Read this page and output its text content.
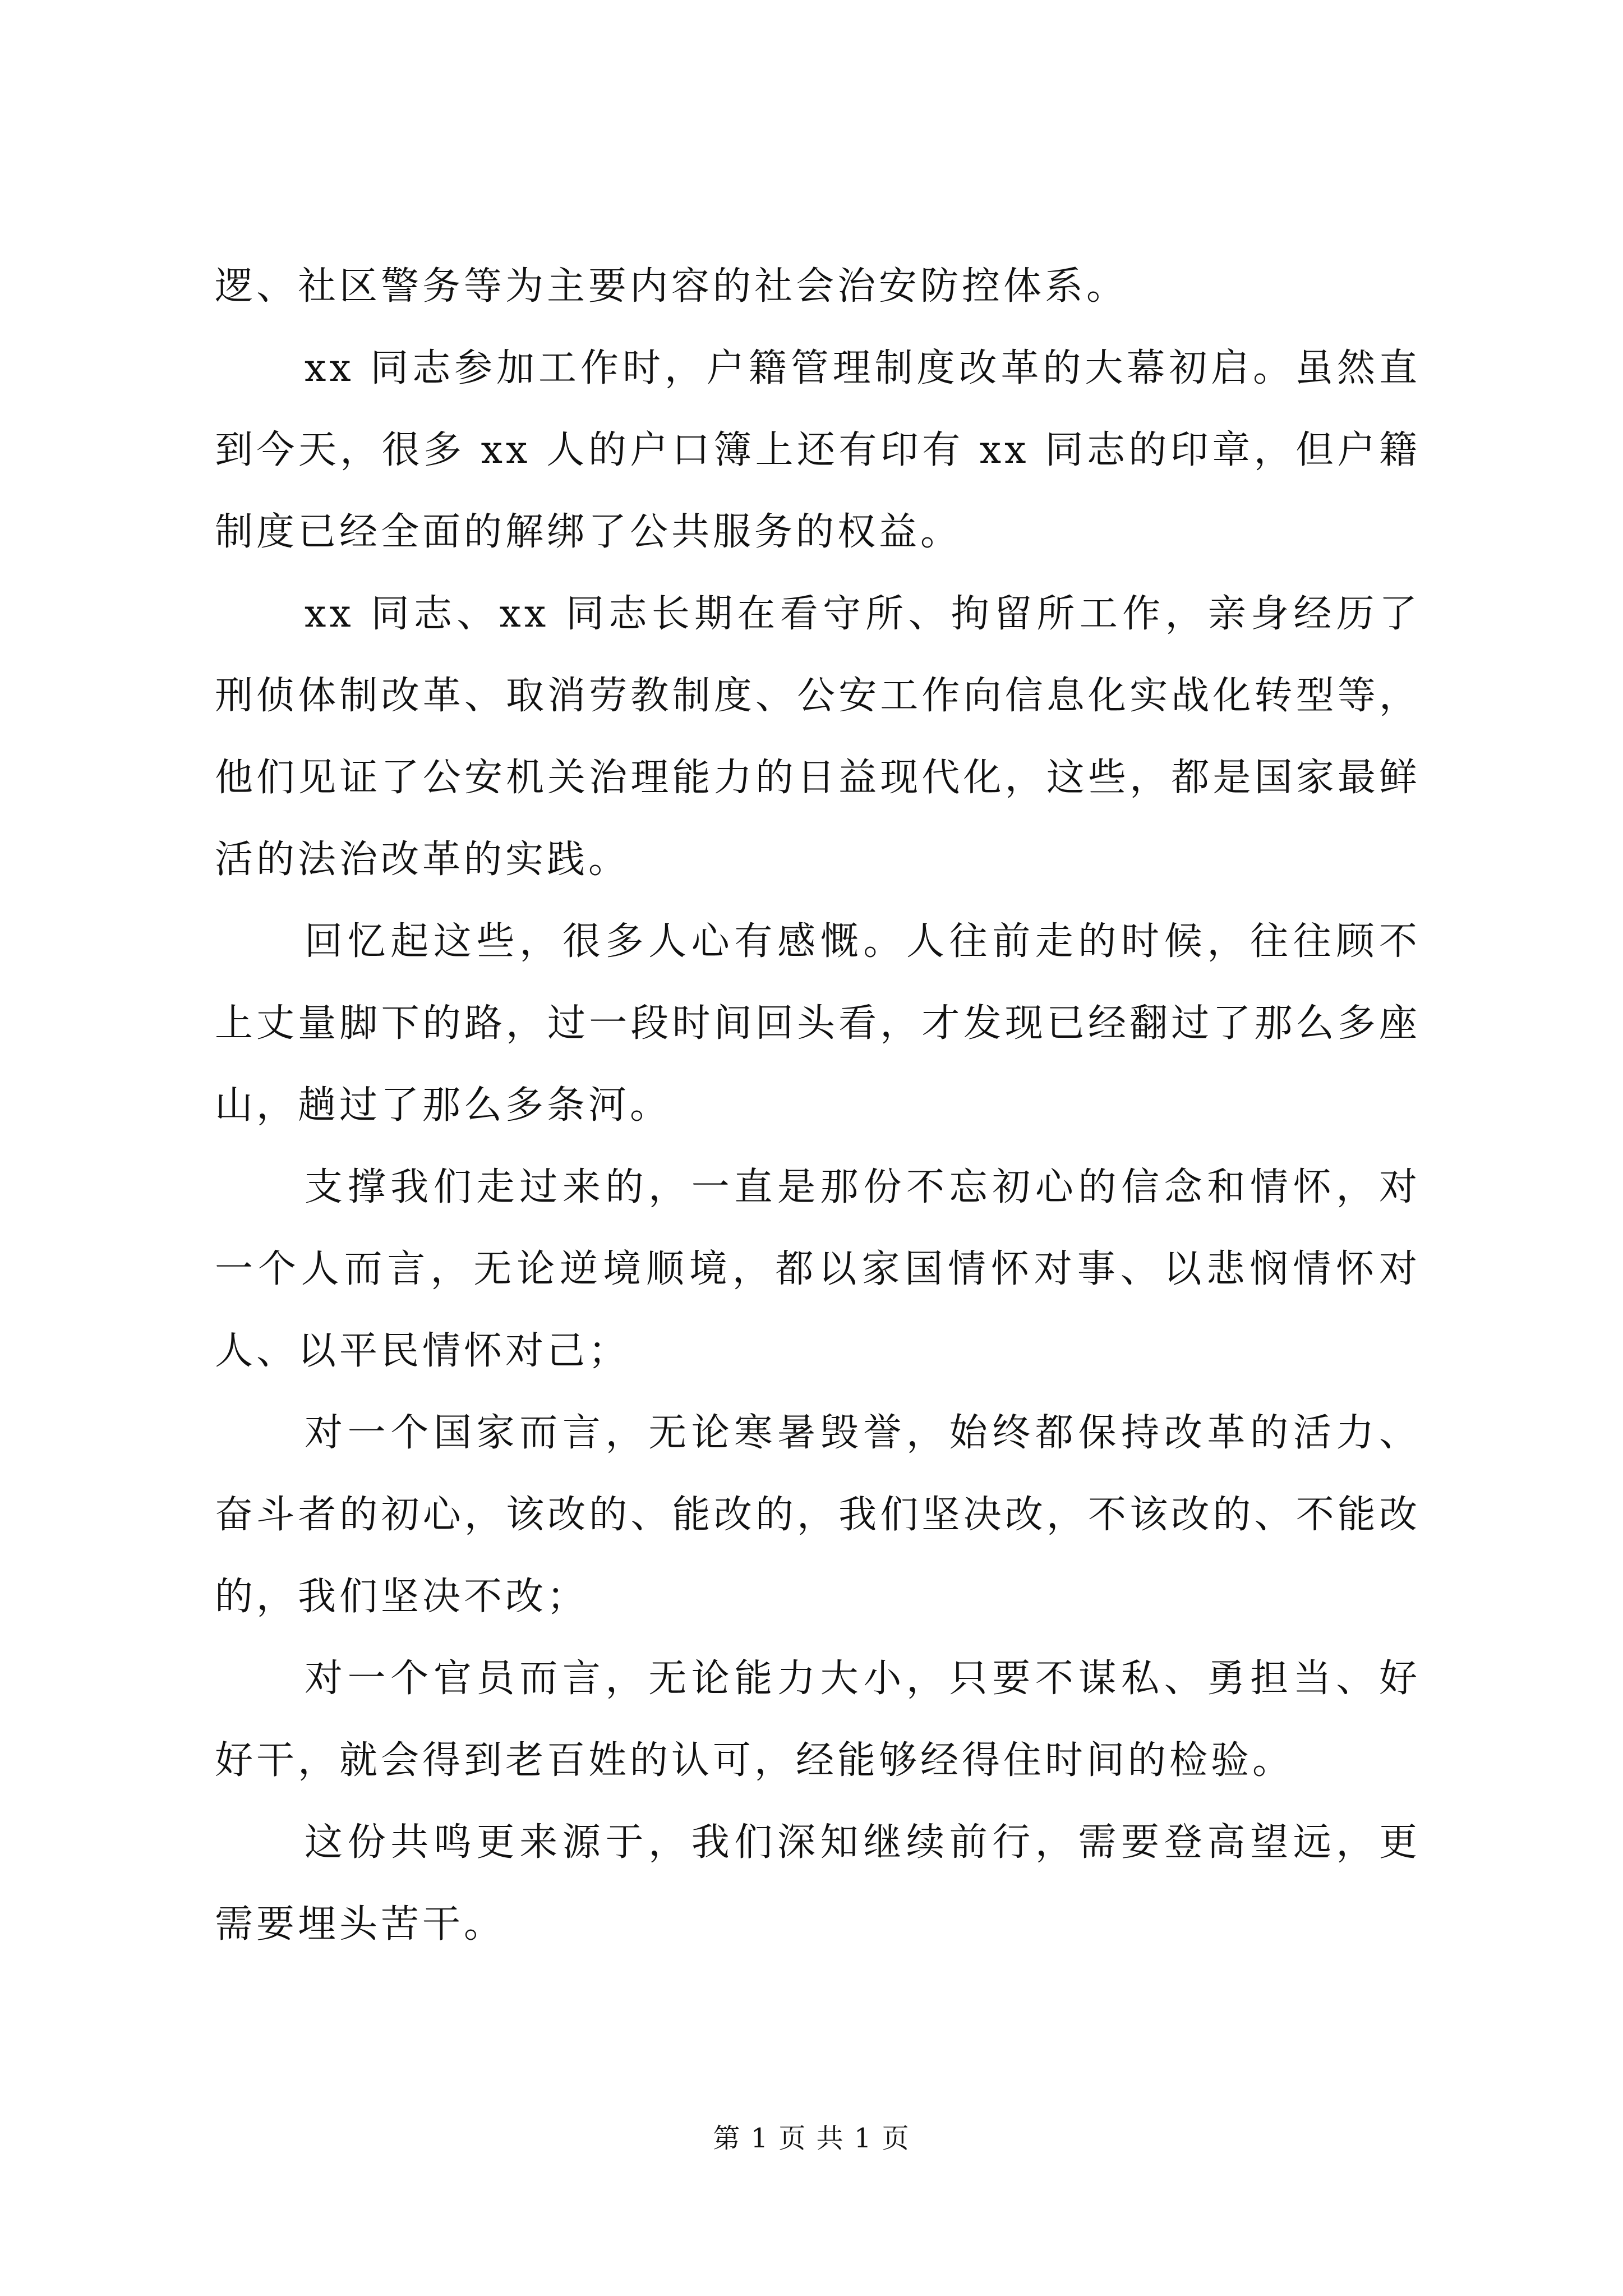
逻、社区警务等为主要内容的社会治安防控体系。

xx 同志参加工作时，户籍管理制度改革的大幕初启。虽然直到今天，很多 xx 人的户口簿上还有印有 xx 同志的印章，但户籍制度已经全面的解绑了公共服务的权益。

xx 同志、xx 同志长期在看守所、拘留所工作，亲身经历了刑侦体制改革、取消劳教制度、公安工作向信息化实战化转型等，他们见证了公安机关治理能力的日益现代化，这些，都是国家最鲜活的法治改革的实践。

回忆起这些，很多人心有感慨。人往前走的时候，往往顾不上丈量脚下的路，过一段时间回头看，才发现已经翻过了那么多座山，趟过了那么多条河。

支撑我们走过来的，一直是那份不忘初心的信念和情怀，对一个人而言，无论逆境顺境，都以家国情怀对事、以悲悯情怀对人、以平民情怀对己；

对一个国家而言，无论寒暑毁誉，始终都保持改革的活力、奋斗者的初心，该改的、能改的，我们坚决改，不该改的、不能改的，我们坚决不改；

对一个官员而言，无论能力大小，只要不谋私、勇担当、好好干，就会得到老百姓的认可，经能够经得住时间的检验。

这份共鸣更来源于，我们深知继续前行，需要登高望远，更需要埋头苦干。

第 1 页 共 1 页
